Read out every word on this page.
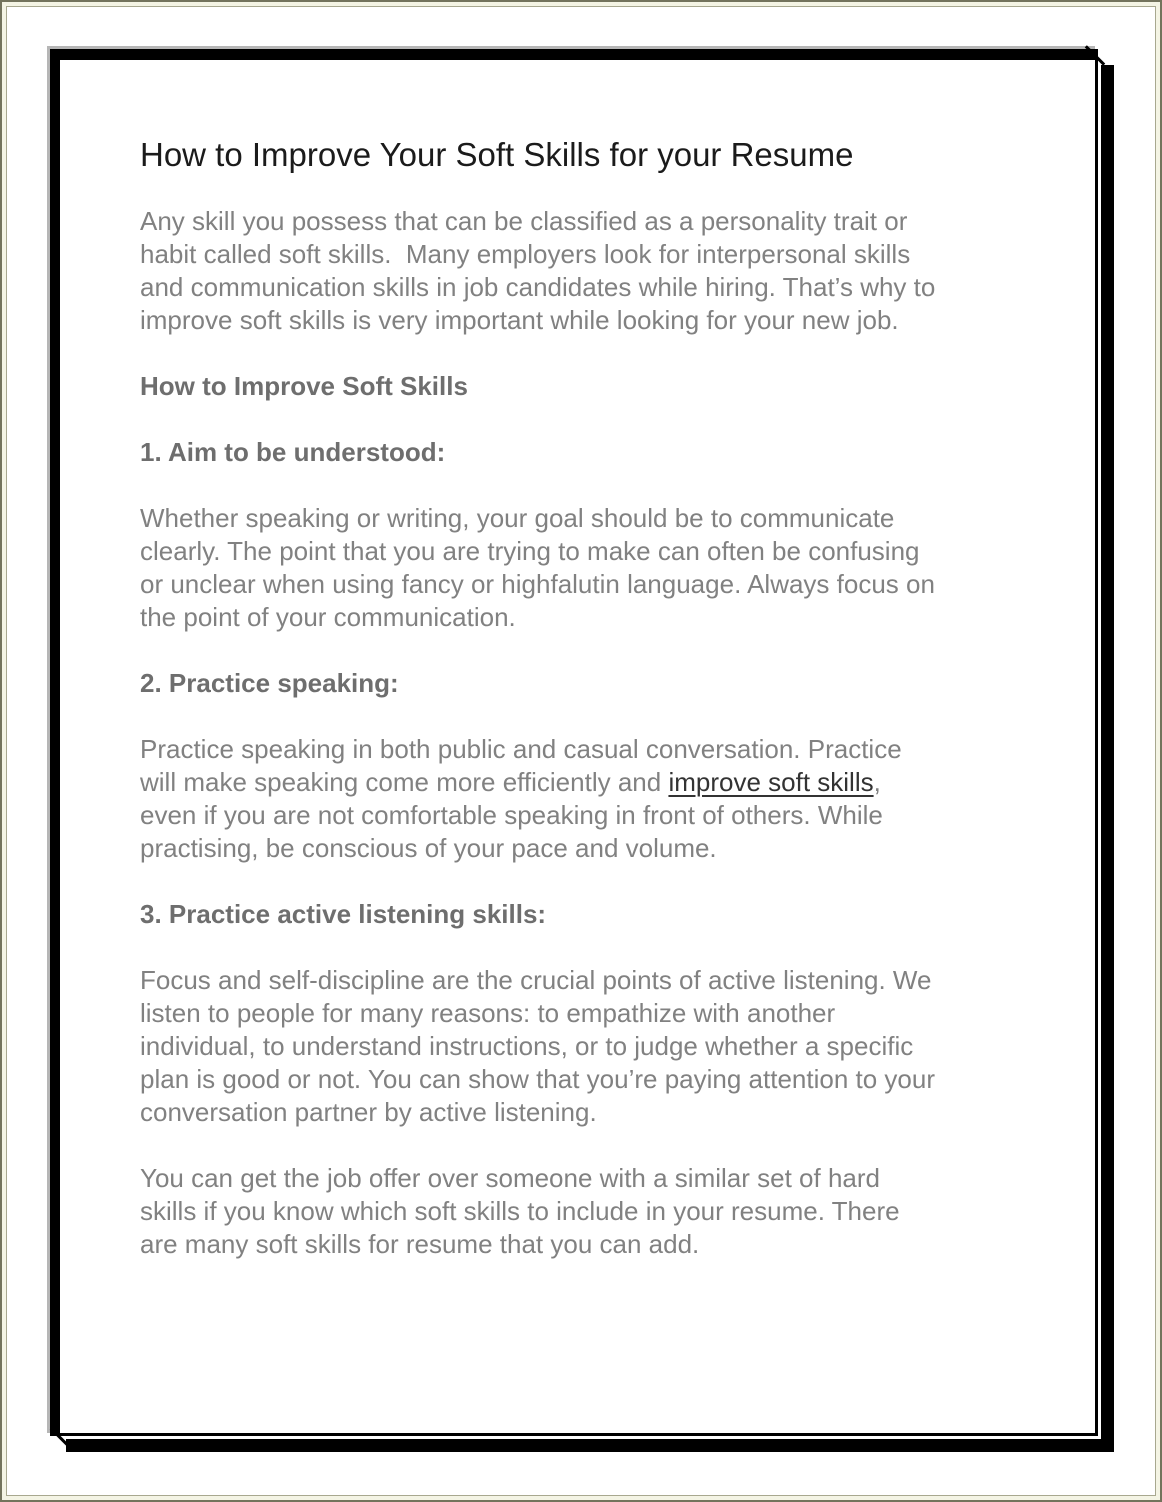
How to Improve Your Soft Skills for your Resume

Any skill you possess that can be classified as a personality trait or
habit called soft skills.  Many employers look for interpersonal skills
and communication skills in job candidates while hiring. That’s why to
improve soft skills is very important while looking for your new job.

How to Improve Soft Skills
1. Aim to be understood:

Whether speaking or writing, your goal should be to communicate
clearly. The point that you are trying to make can often be confusing
or unclear when using fancy or highfalutin language. Always focus on
the point of your communication.

2. Practice speaking:

Practice speaking in both public and casual conversation. Practice
will make speaking come more efficiently and improve soft skills,
even if you are not comfortable speaking in front of others. While
practising, be conscious of your pace and volume.

3. Practice active listening skills:

Focus and self-discipline are the crucial points of active listening. We
listen to people for many reasons: to empathize with another
individual, to understand instructions, or to judge whether a specific
plan is good or not. You can show that you’re paying attention to your
conversation partner by active listening.

You can get the job offer over someone with a similar set of hard
skills if you know which soft skills to include in your resume. There
are many soft skills for resume that you can add.
